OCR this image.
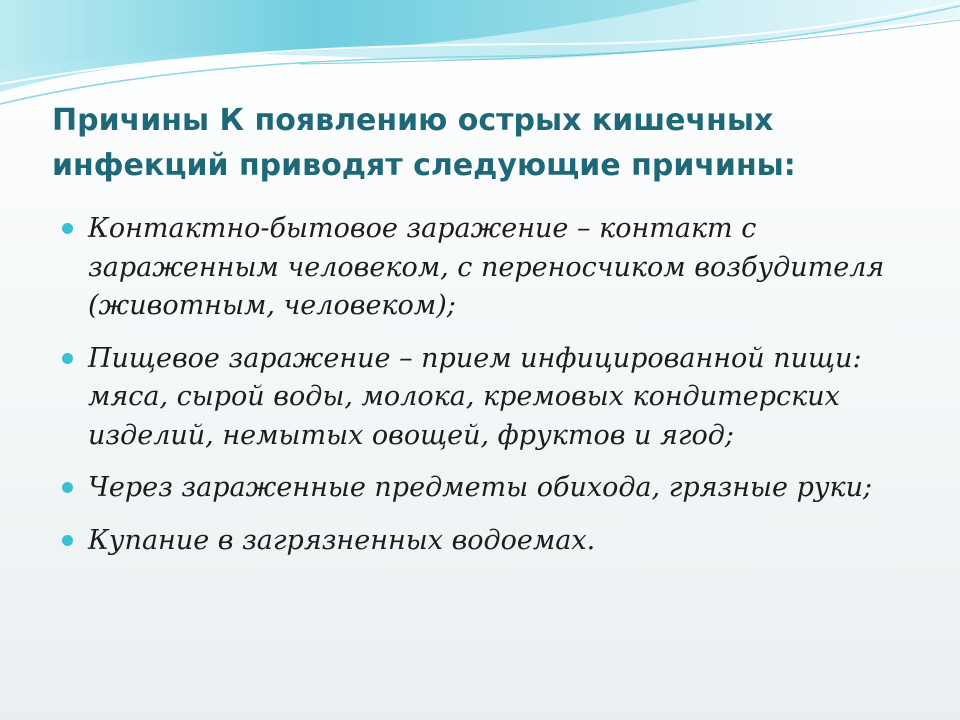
Причины К появлению острых кишечных инфекций приводят следующие причины:
Контактно-бытовое заражение – контакт с зараженным человеком, с переносчиком возбудителя (животным, человеком);
Пищевое заражение – прием инфицированной пищи: мяса, сырой воды, молока, кремовых кондитерских изделий, немытых овощей, фруктов и ягод;
Через зараженные предметы обихода, грязные руки;
Купание в загрязненных водоемах.
